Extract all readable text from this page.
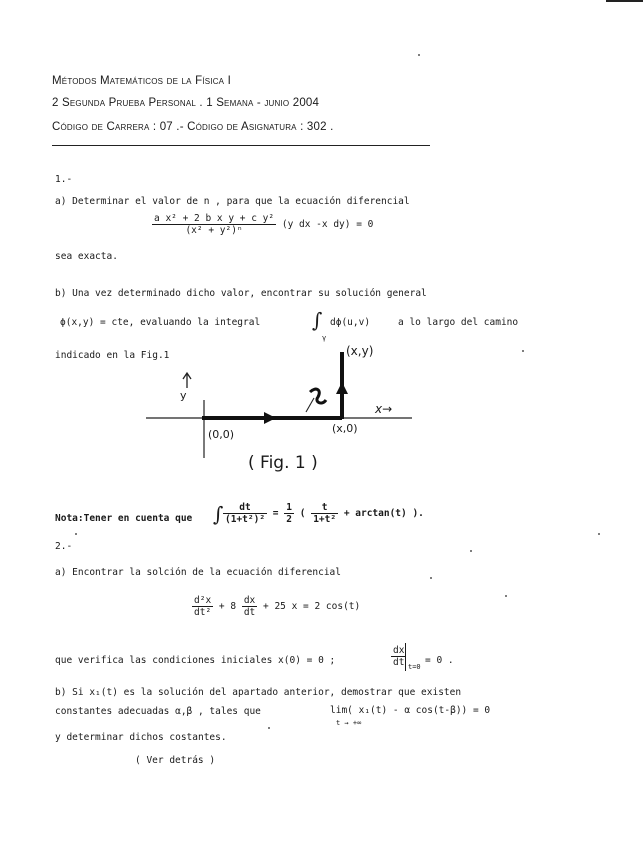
Métodos Matemáticos de la Física I
2 Segunda Prueba Personal . 1 Semana - junio 2004
Código de Carrera : 07 .- Código de Asignatura : 302 .
1.-
a) Determinar el valor de n , para que la ecuación diferencial
$\frac{\text{a x² + 2 b x y + c y²}}{\text{(x² + y²)ⁿ}} (y$ dx -x dy) = 0
sea exacta.
b) Una vez determinado dicho valor, encontrar su solución general
ϕ(x,y) = cte, evaluando la integral	∫
γ
dϕ(u,v)	a lo largo del camino
indicado en la Fig.1
y
(0,0)	(x,0)
(x,y)
x→
( Fig. 1 )
Nota:Tener en cuenta que ∫ $\frac{dt}{\text{(1+t²)²}} = \frac{1}{2}$ ( $\frac{t}{\text{1+t²}} + \arctan(t)$ ).
2.-
a) Encontrar la solción de la ecuación diferencial
$\frac{\text{d²x}}{\text{dt²}} + 8 \frac{dx}{dt} + 25$ x = 2 cos(t)
que verifica las condiciones iniciales x(0) = 0 ;	$\frac{dx}{dt} t=0$
= 0 .
b) Si x₁(t) es la solución del apartado anterior, demostrar que existen
constantes adecuadas α,β , tales que	lim( x₁(t) - α cos(t-β)) = 0
t → +∞
y determinar dichos costantes.
( Ver detrás )
